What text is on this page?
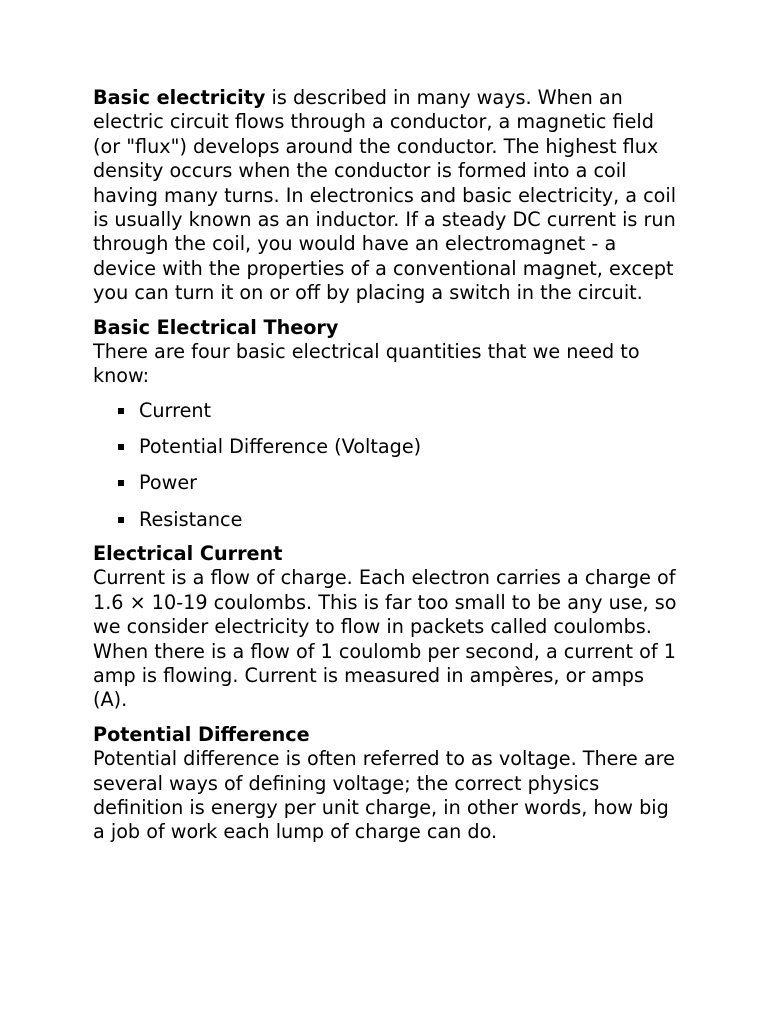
Basic electricity is described in many ways. When an electric circuit flows through a conductor, a magnetic field (or "flux") develops around the conductor. The highest flux density occurs when the conductor is formed into a coil having many turns. In electronics and basic electricity, a coil is usually known as an inductor. If a steady DC current is run through the coil, you would have an electromagnet - a device with the properties of a conventional magnet, except you can turn it on or off by placing a switch in the circuit.

Basic Electrical Theory

There are four basic electrical quantities that we need to know:

Current
Potential Difference (Voltage)
Power
Resistance

Electrical Current

Current is a flow of charge. Each electron carries a charge of 1.6 × 10-19 coulombs. This is far too small to be any use, so we consider electricity to flow in packets called coulombs. When there is a flow of 1 coulomb per second, a current of 1 amp is flowing. Current is measured in ampères, or amps (A).

Potential Difference

Potential difference is often referred to as voltage. There are several ways of defining voltage; the correct physics definition is energy per unit charge, in other words, how big a job of work each lump of charge can do.
